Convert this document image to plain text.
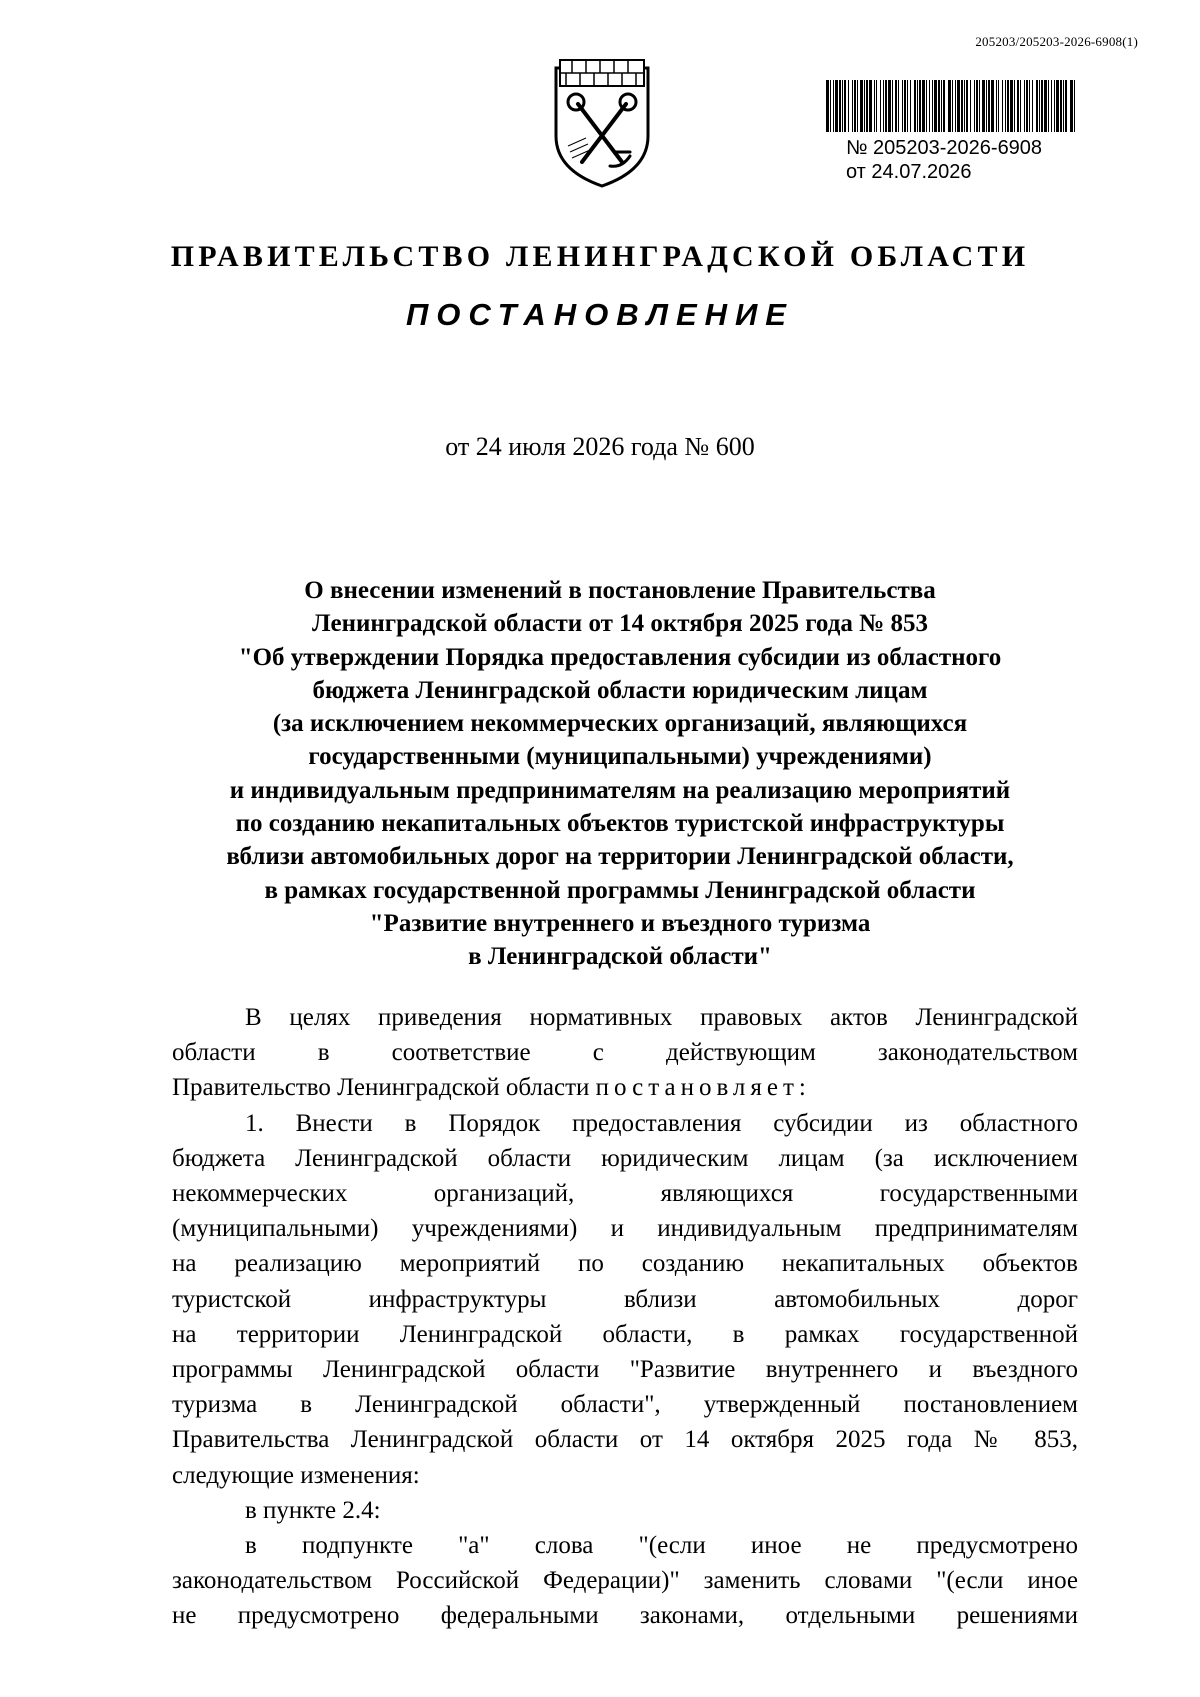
205203/205203-2026-6908(1)
№ 205203-2026-6908
от 24.07.2026
ПРАВИТЕЛЬСТВО ЛЕНИНГРАДСКОЙ ОБЛАСТИ
ПОСТАНОВЛЕНИЕ
от 24 июля 2026 года № 600
О внесении изменений в постановление Правительства
Ленинградской области от 14 октября 2025 года № 853
"Об утверждении Порядка предоставления субсидии из областного
бюджета Ленинградской области юридическим лицам
(за исключением некоммерческих организаций, являющихся
государственными (муниципальными) учреждениями)
и индивидуальным предпринимателям на реализацию мероприятий
по созданию некапитальных объектов туристской инфраструктуры
вблизи автомобильных дорог на территории Ленинградской области,
в рамках государственной программы Ленинградской области
"Развитие внутреннего и въездного туризма
в Ленинградской области"

В целях приведения нормативных правовых актов Ленинградской

области в соответствие с действующим законодательством

Правительство Ленинградской области постановляет:

1. Внести в Порядок предоставления субсидии из областного

бюджета Ленинградской области юридическим лицам (за исключением

некоммерческих организаций, являющихся государственными

(муниципальными) учреждениями) и индивидуальным предпринимателям

на реализацию мероприятий по созданию некапитальных объектов

туристской инфраструктуры вблизи автомобильных дорог

на территории Ленинградской области, в рамках государственной

программы Ленинградской области "Развитие внутреннего и въездного

туризма в Ленинградской области", утвержденный постановлением

Правительства Ленинградской области от 14 октября 2025 года № 853,

следующие изменения:

в пункте 2.4:

в подпункте "а" слова "(если иное не предусмотрено

законодательством Российской Федерации)" заменить словами "(если иное

не предусмотрено федеральными законами, отдельными решениями
